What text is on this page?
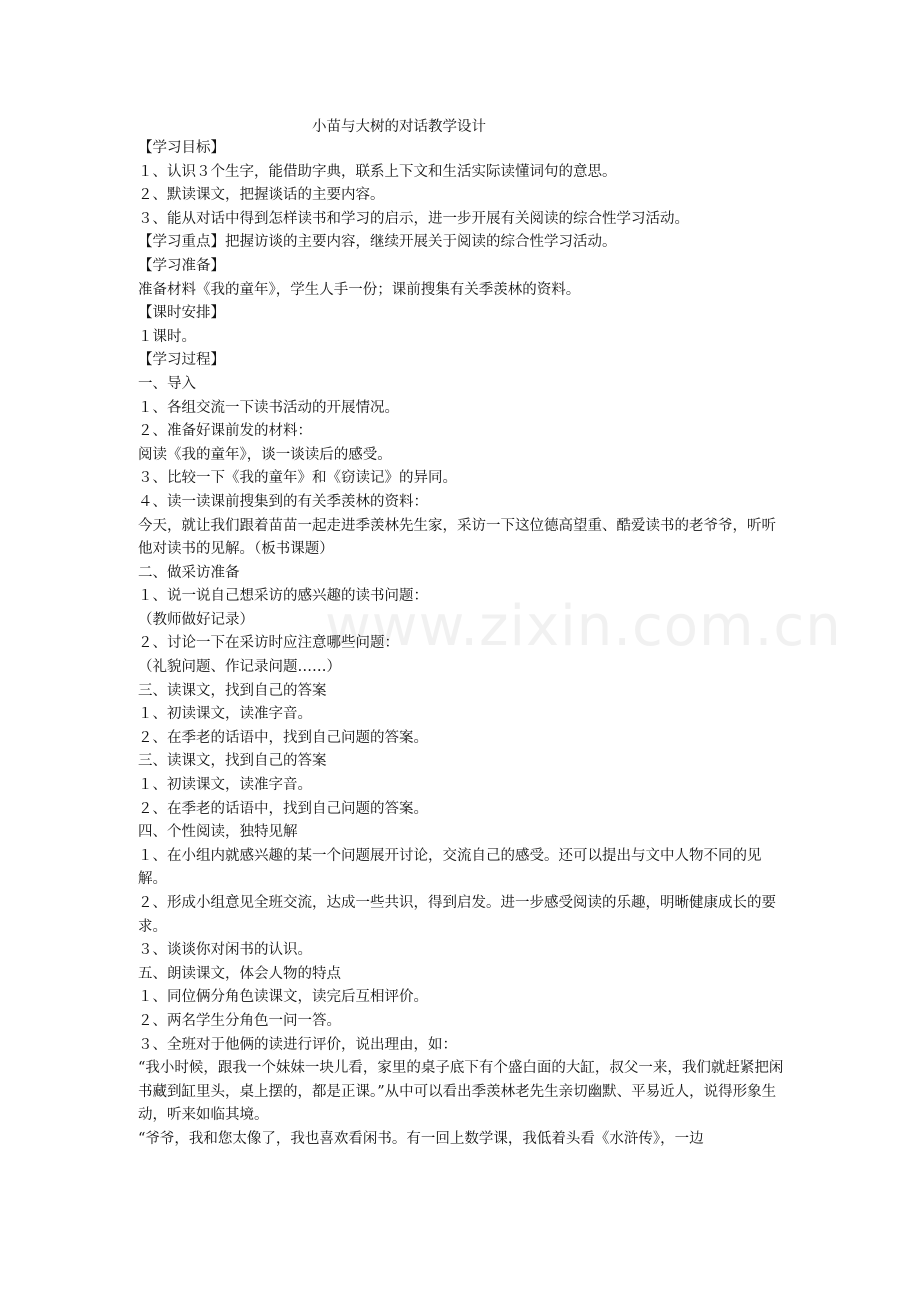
小苗与大树的对话教学设计
www.zixin.com.cn
【学习目标】
１、认识３个生字，能借助字典，联系上下文和生活实际读懂词句的意思。
２、默读课文，把握谈话的主要内容。
３、能从对话中得到怎样读书和学习的启示，进一步开展有关阅读的综合性学习活动。
【学习重点】把握访谈的主要内容，继续开展关于阅读的综合性学习活动。
【学习准备】
准备材料《我的童年》，学生人手一份；课前搜集有关季羡林的资料。
【课时安排】
１课时。
【学习过程】
一、导入
１、各组交流一下读书活动的开展情况。
２、准备好课前发的材料：
阅读《我的童年》，谈一谈读后的感受。
３、比较一下《我的童年》和《窃读记》的异同。
４、读一读课前搜集到的有关季羡林的资料：
今天，就让我们跟着苗苗一起走进季羡林先生家，采访一下这位德高望重、酷爱读书的老爷爷，听听他对读书的见解。（板书课题）
二、做采访准备
１、说一说自己想采访的感兴趣的读书问题：
（教师做好记录）
２、讨论一下在采访时应注意哪些问题：
（礼貌问题、作记录问题……）
三、读课文，找到自己的答案
１、初读课文，读准字音。
２、在季老的话语中，找到自己问题的答案。
三、读课文，找到自己的答案
１、初读课文，读准字音。
２、在季老的话语中，找到自己问题的答案。
四、个性阅读，独特见解
１、在小组内就感兴趣的某一个问题展开讨论，交流自己的感受。还可以提出与文中人物不同的见解。
２、形成小组意见全班交流，达成一些共识，得到启发。进一步感受阅读的乐趣，明晰健康成长的要求。
３、谈谈你对闲书的认识。
五、朗读课文，体会人物的特点
１、同位俩分角色读课文，读完后互相评价。
２、两名学生分角色一问一答。
３、全班对于他俩的读进行评价，说出理由，如：
“我小时候，跟我一个妹妹一块儿看，家里的桌子底下有个盛白面的大缸，叔父一来，我们就赶紧把闲书藏到缸里头，桌上摆的，都是正课。”从中可以看出季羡林老先生亲切幽默、平易近人，说得形象生动，听来如临其境。
“爷爷，我和您太像了，我也喜欢看闲书。有一回上数学课，我低着头看《水浒传》，一边
